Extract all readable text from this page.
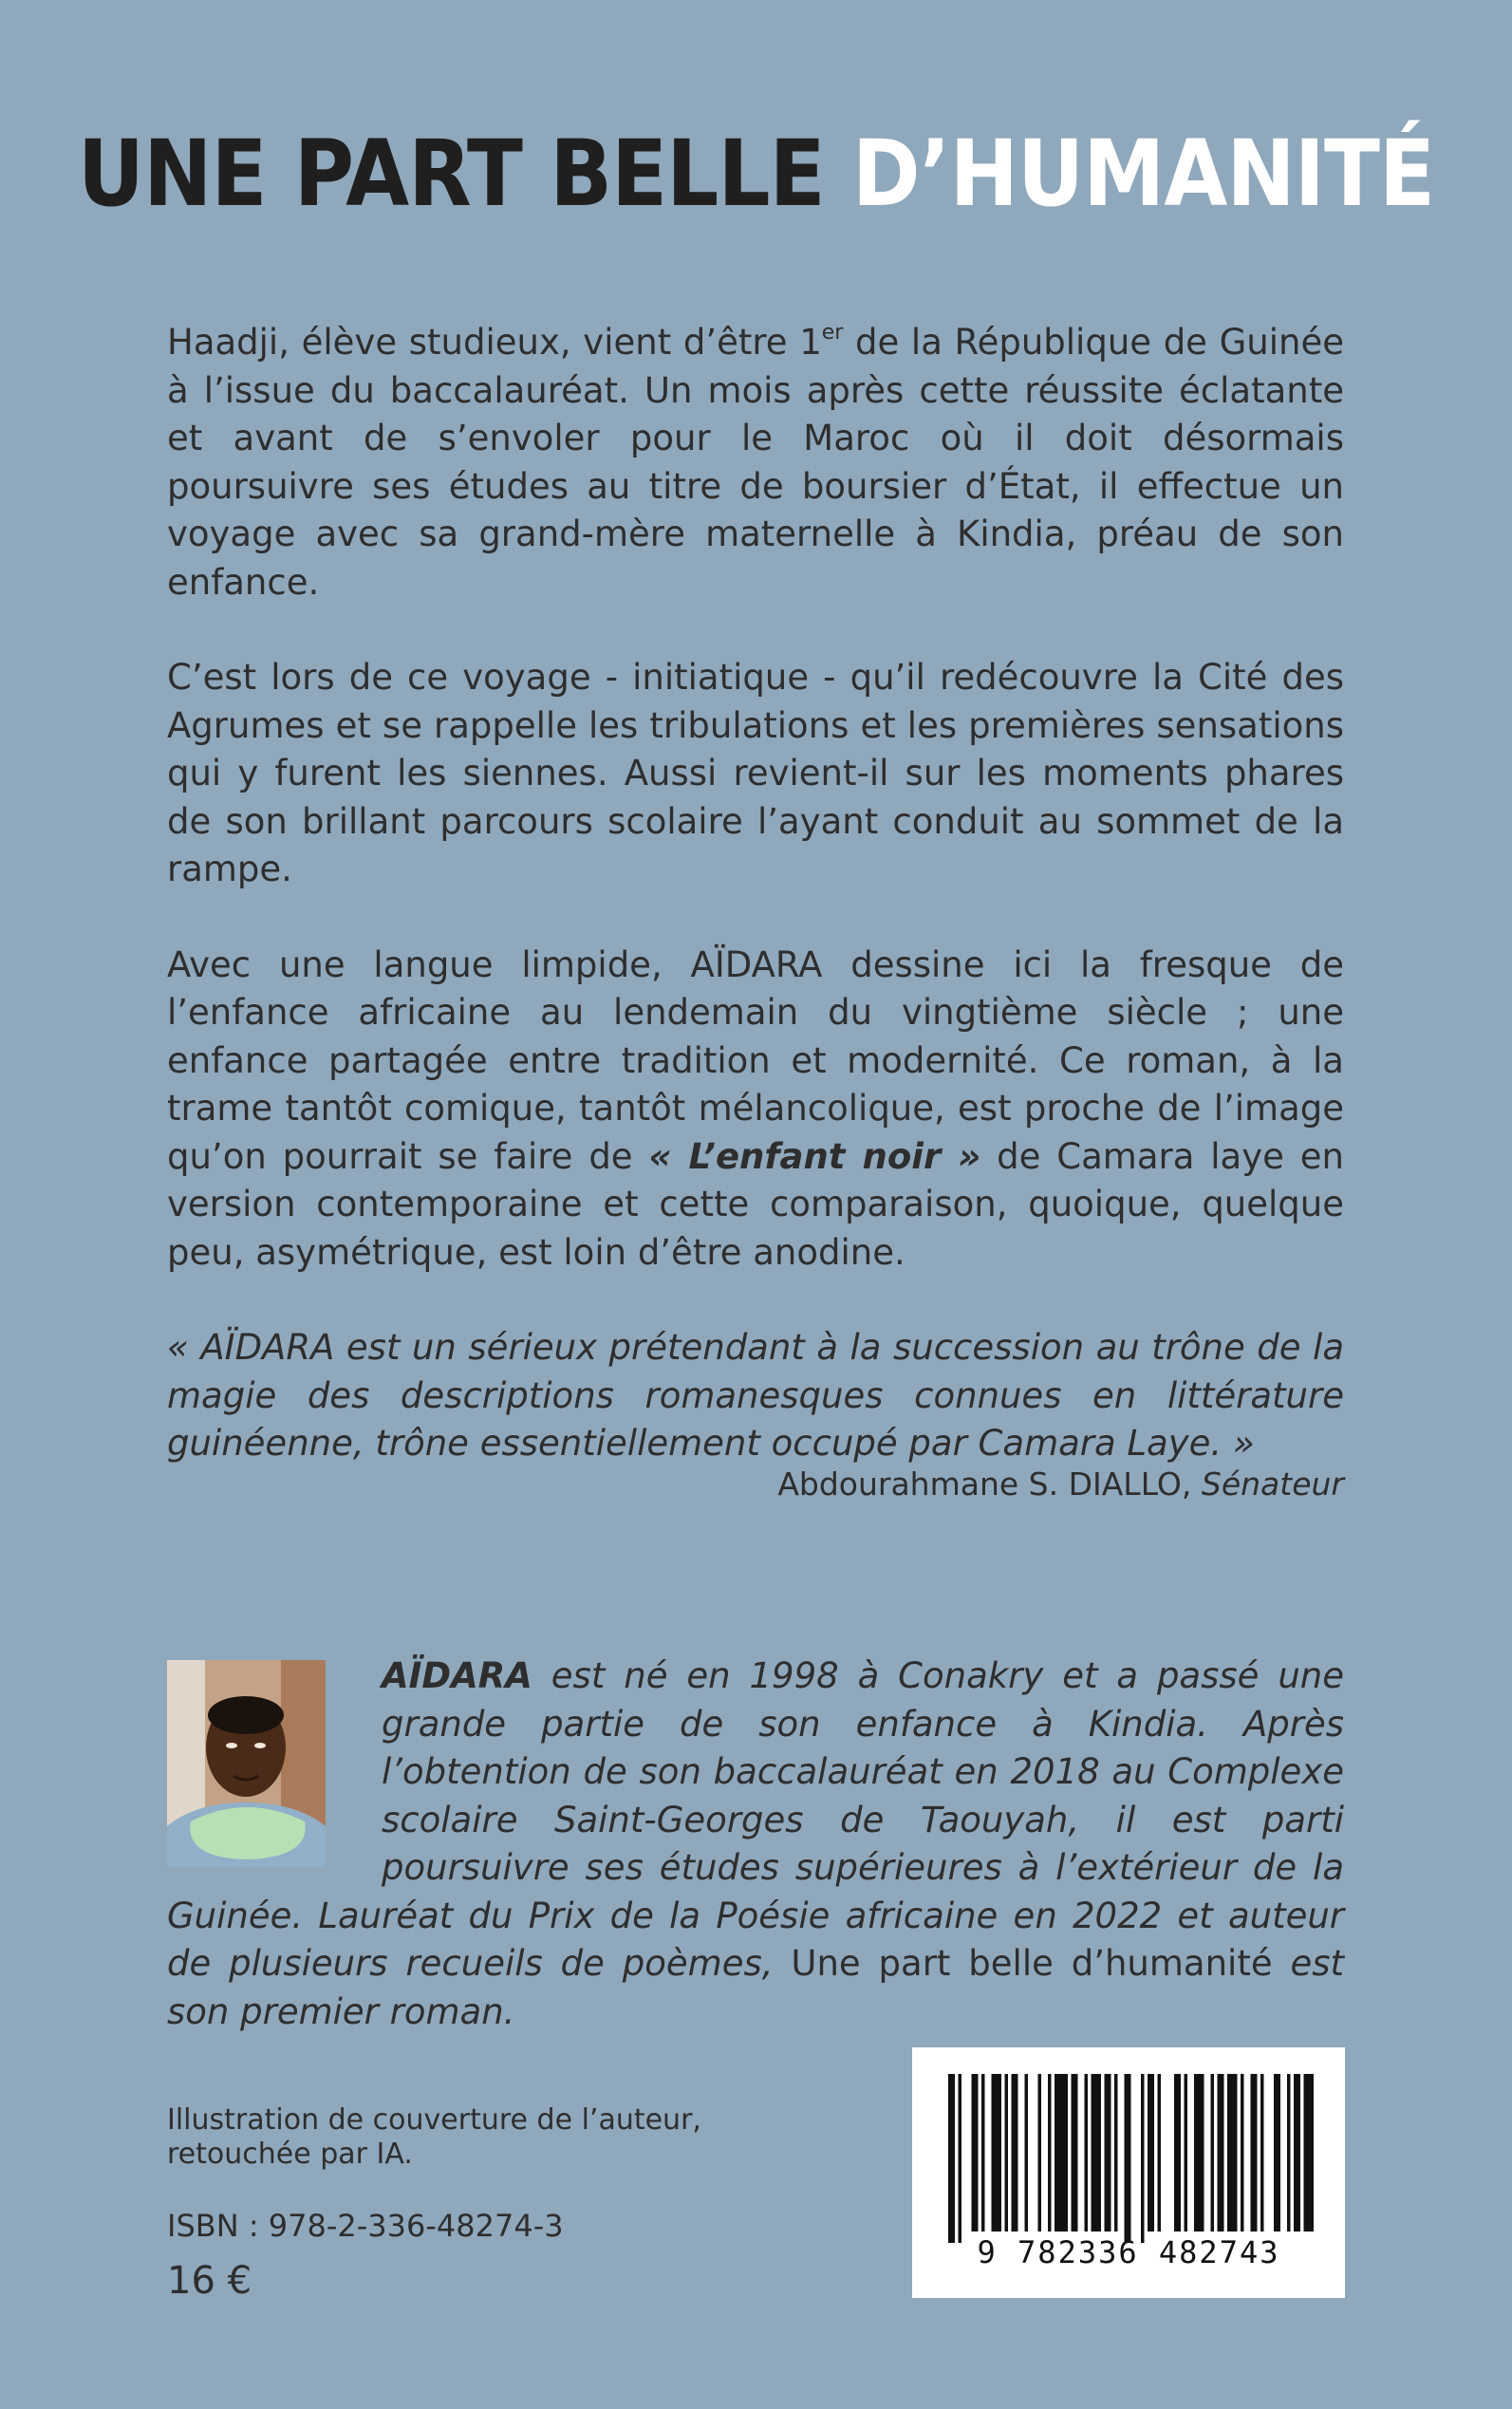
UNE PART BELLE D’HUMANITÉ

Haadji, élève studieux, vient d’être 1er de la République de Guinée à l’issue du baccalauréat. Un mois après cette réussite éclatante et avant de s’envoler pour le Maroc où il doit désormais poursuivre ses études au titre de boursier d’État, il effectue un voyage avec sa grand-mère maternelle à Kindia, préau de son enfance.

C’est lors de ce voyage - initiatique - qu’il redécouvre la Cité des Agrumes et se rappelle les tribulations et les premières sensations qui y furent les siennes. Aussi revient-il sur les moments phares de son brillant parcours scolaire l’ayant conduit au sommet de la rampe.

Avec une langue limpide, AÏDARA dessine ici la fresque de l’enfance africaine au lendemain du vingtième siècle ; une enfance partagée entre tradition et modernité. Ce roman, à la trame tantôt comique, tantôt mélancolique, est proche de l’image qu’on pourrait se faire de « L’enfant noir » de Camara laye en version contemporaine et cette comparaison, quoique, quelque peu, asymétrique, est loin d’être anodine.

« AÏDARA est un sérieux prétendant à la succession au trône de la magie des descriptions romanesques connues en littérature guinéenne, trône essentiellement occupé par Camara Laye. »

Abdourahmane S. DIALLO, Sénateur
AÏDARA est né en 1998 à Conakry et a passé une grande partie de son enfance à Kindia. Après l’obtention de son baccalauréat en 2018 au Complexe scolaire Saint-Georges de Taouyah, il est parti poursuivre ses études supérieures à l’extérieur de la Guinée. Lauréat du Prix de la Poésie africaine en 2022 et auteur de plusieurs recueils de poèmes, Une part belle d’humanité est son premier roman.
Illustration de couverture de l’auteur,
retouchée par IA.
ISBN : 978-2-336-48274-3
16 €
9 782336 482743
